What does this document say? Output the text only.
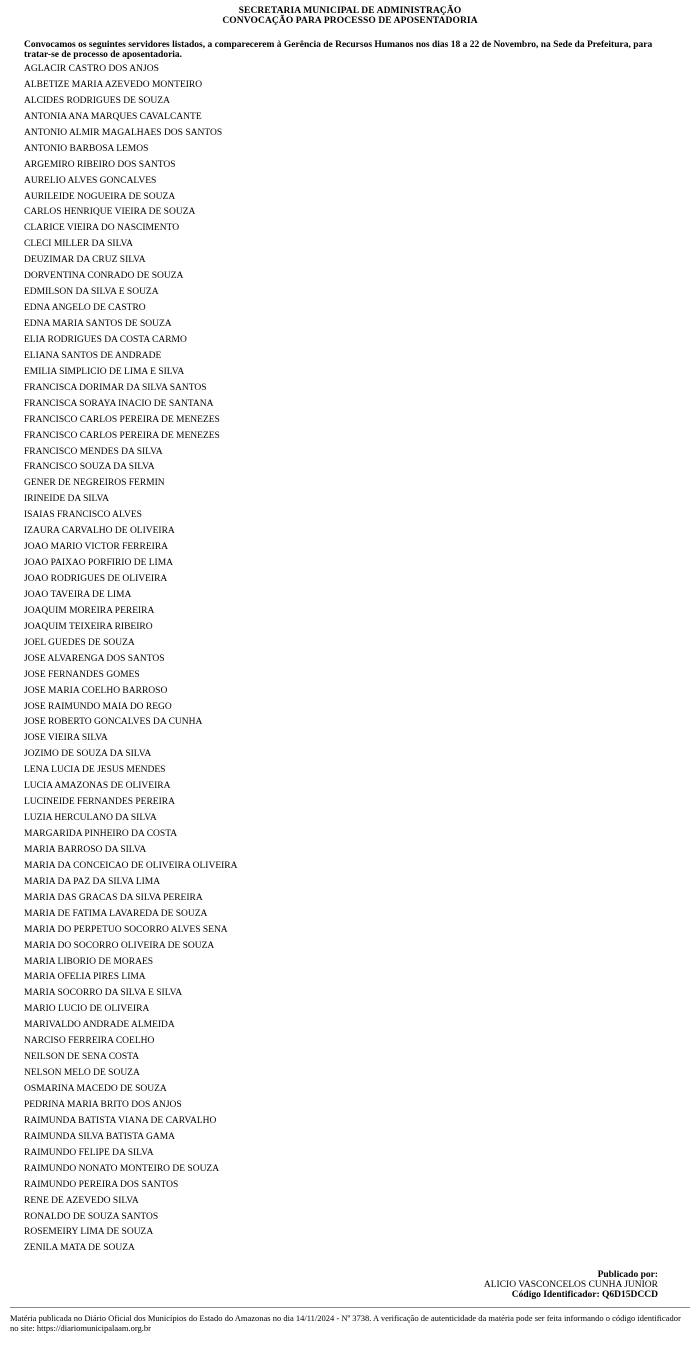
SECRETARIA MUNICIPAL DE ADMINISTRAÇÃO
CONVOCAÇÃO PARA PROCESSO DE APOSENTADORIA
Convocamos os seguintes servidores listados, a comparecerem à Gerência de Recursos Humanos nos dias 18 a 22 de Novembro, na Sede da Prefeitura, para tratar-se de processo de aposentadoria.
AGLACIR CASTRO DOS ANJOS
ALBETIZE MARIA AZEVEDO MONTEIRO
ALCIDES RODRIGUES DE SOUZA
ANTONIA ANA MARQUES CAVALCANTE
ANTONIO ALMIR MAGALHAES DOS SANTOS
ANTONIO BARBOSA LEMOS
ARGEMIRO RIBEIRO DOS SANTOS
AURELIO ALVES GONCALVES
AURILEIDE NOGUEIRA DE SOUZA
CARLOS HENRIQUE VIEIRA DE SOUZA
CLARICE VIEIRA DO NASCIMENTO
CLECI MILLER DA SILVA
DEUZIMAR DA CRUZ SILVA
DORVENTINA CONRADO DE SOUZA
EDMILSON DA SILVA E SOUZA
EDNA ANGELO DE CASTRO
EDNA MARIA SANTOS DE SOUZA
ELIA RODRIGUES DA COSTA CARMO
ELIANA SANTOS DE ANDRADE
EMILIA SIMPLICIO DE LIMA E SILVA
FRANCISCA DORIMAR DA SILVA SANTOS
FRANCISCA SORAYA INACIO DE SANTANA
FRANCISCO CARLOS PEREIRA DE MENEZES
FRANCISCO CARLOS PEREIRA DE MENEZES
FRANCISCO MENDES DA SILVA
FRANCISCO SOUZA DA SILVA
GENER DE NEGREIROS FERMIN
IRINEIDE DA SILVA
ISAIAS FRANCISCO ALVES
IZAURA CARVALHO DE OLIVEIRA
JOAO MARIO VICTOR FERREIRA
JOAO PAIXAO PORFIRIO DE LIMA
JOAO RODRIGUES DE OLIVEIRA
JOAO TAVEIRA DE LIMA
JOAQUIM MOREIRA PEREIRA
JOAQUIM TEIXEIRA RIBEIRO
JOEL GUEDES DE SOUZA
JOSE ALVARENGA DOS SANTOS
JOSE FERNANDES GOMES
JOSE MARIA COELHO BARROSO
JOSE RAIMUNDO MAIA DO REGO
JOSE ROBERTO GONCALVES DA CUNHA
JOSE VIEIRA SILVA
JOZIMO DE SOUZA DA SILVA
LENA LUCIA DE JESUS MENDES
LUCIA AMAZONAS DE OLIVEIRA
LUCINEIDE FERNANDES PEREIRA
LUZIA HERCULANO DA SILVA
MARGARIDA PINHEIRO DA COSTA
MARIA BARROSO DA SILVA
MARIA DA CONCEICAO DE OLIVEIRA OLIVEIRA
MARIA DA PAZ DA SILVA LIMA
MARIA DAS GRACAS DA SILVA PEREIRA
MARIA DE FATIMA LAVAREDA DE SOUZA
MARIA DO PERPETUO SOCORRO ALVES SENA
MARIA DO SOCORRO OLIVEIRA DE SOUZA
MARIA LIBORIO DE MORAES
MARIA OFELIA PIRES LIMA
MARIA SOCORRO DA SILVA E SILVA
MARIO LUCIO DE OLIVEIRA
MARIVALDO ANDRADE ALMEIDA
NARCISO FERREIRA COELHO
NEILSON DE SENA COSTA
NELSON MELO DE SOUZA
OSMARINA MACEDO DE SOUZA
PEDRINA MARIA BRITO DOS ANJOS
RAIMUNDA BATISTA VIANA DE CARVALHO
RAIMUNDA SILVA BATISTA GAMA
RAIMUNDO FELIPE DA SILVA
RAIMUNDO NONATO MONTEIRO DE SOUZA
RAIMUNDO PEREIRA DOS SANTOS
RENE DE AZEVEDO SILVA
RONALDO DE SOUZA SANTOS
ROSEMEIRY LIMA DE SOUZA
ZENILA MATA DE SOUZA
Publicado por:
ALICIO VASCONCELOS CUNHA JUNIOR
Código Identificador: Q6D15DCCD
Matéria publicada no Diário Oficial dos Municípios do Estado do Amazonas no dia 14/11/2024 - Nº 3738. A verificação de autenticidade da matéria pode ser feita informando o código identificador no site: https://diariomunicipalaam.org.br
